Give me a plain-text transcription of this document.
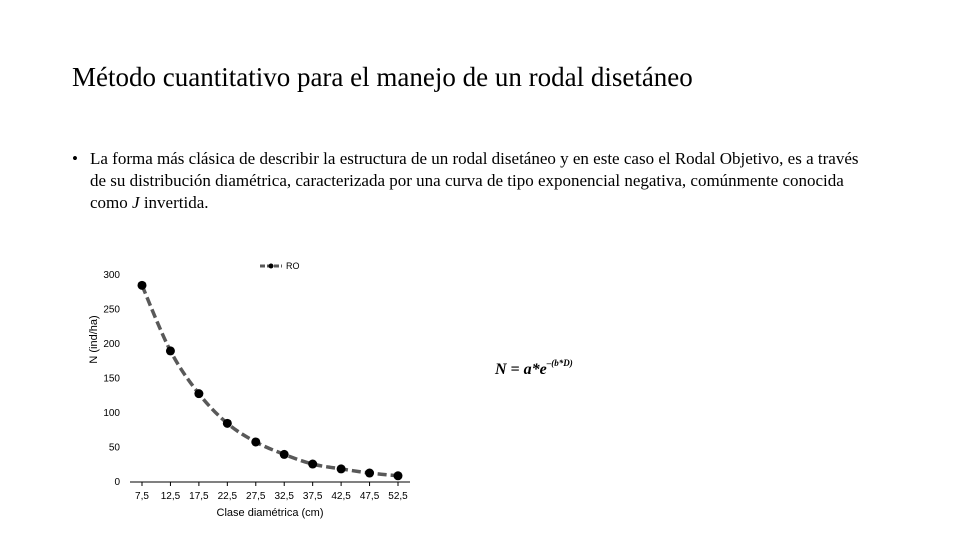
Método cuantitativo para el manejo de un rodal disetáneo
• La forma más clásica de describir la estructura de un rodal disetáneo y en este caso el Rodal Objetivo, es a través de su distribución diamétrica, caracterizada por una curva de tipo exponencial negativa, comúnmente conocida como J invertida.
0
50
100
150
200
250
300
7,5 12,5 17,5 22,5 27,5 32,5 37,5 42,5 47,5 52,5
Clase diamétrica (cm)
N (ind/ha)
RO
$N = a*e^{-(b*D)}$
